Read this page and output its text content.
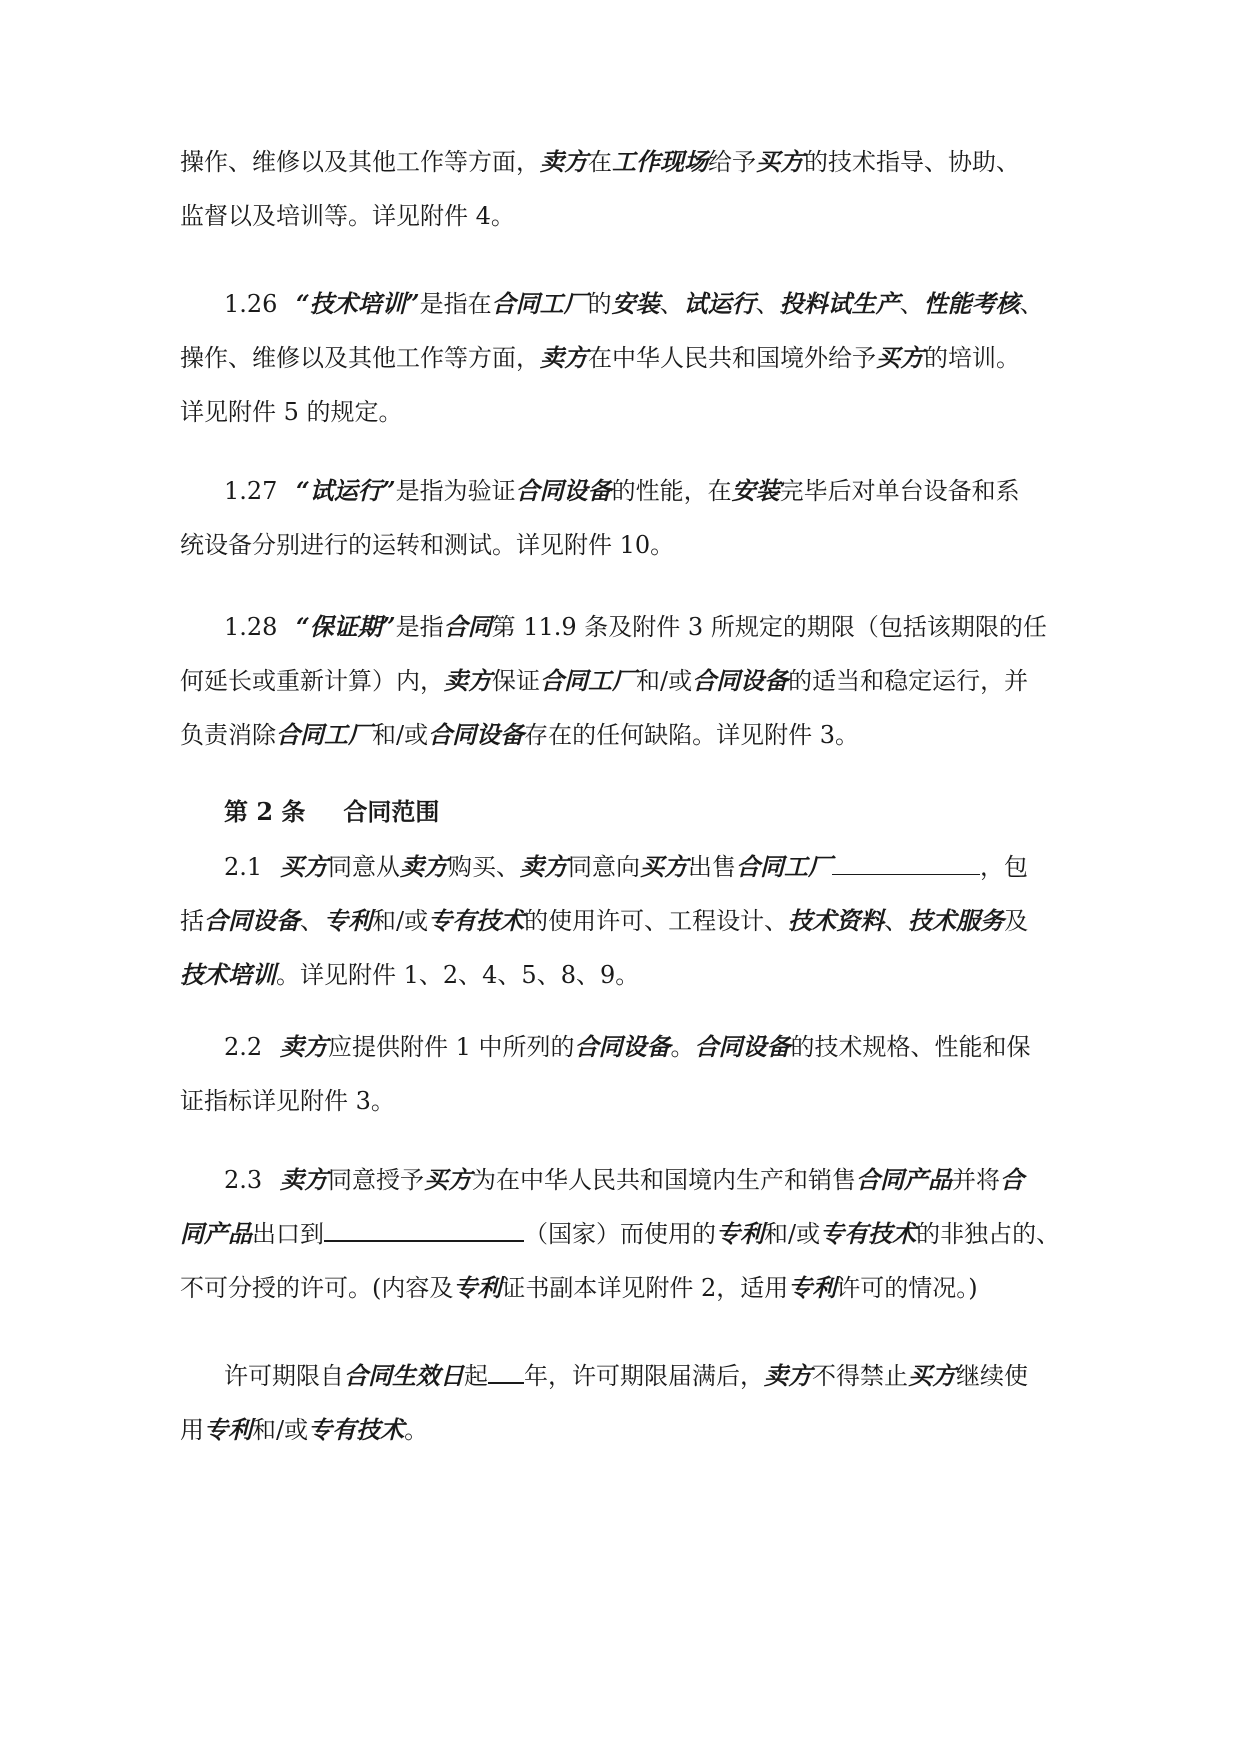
操作、维修以及其他工作等方面，卖方在工作现场给予买方的技术指导、协助、
监督以及培训等。详见附件 4。
1.26 “技术培训”是指在合同工厂的安装、试运行、投料试生产、性能考核、
操作、维修以及其他工作等方面，卖方在中华人民共和国境外给予买方的培训。
详见附件 5 的规定。
1.27 “试运行”是指为验证合同设备的性能，在安装完毕后对单台设备和系
统设备分别进行的运转和测试。详见附件 10。
1.28 “保证期”是指合同第 11.9 条及附件 3 所规定的期限（包括该期限的任
何延长或重新计算）内，卖方保证合同工厂和/或合同设备的适当和稳定运行，并
负责消除合同工厂和/或合同设备存在的任何缺陷。详见附件 3。
第 2 条 合同范围
2.1 买方同意从卖方购买、卖方同意向买方出售合同工厂	，包
括合同设备、专利和/或专有技术的使用许可、工程设计、技术资料、技术服务及
技术培训。详见附件 1、2、4、5、8、9。
2.2 卖方应提供附件 1 中所列的合同设备。合同设备的技术规格、性能和保
证指标详见附件 3。
2.3 卖方同意授予买方为在中华人民共和国境内生产和销售合同产品并将合
同产品出口到	（国家）而使用的专利和/或专有技术的非独占的、
不可分授的许可。(内容及专利证书副本详见附件 2，适用专利许可的情况。)
许可期限自合同生效日起 年，许可期限届满后，卖方不得禁止买方继续使
用专利和/或专有技术。
